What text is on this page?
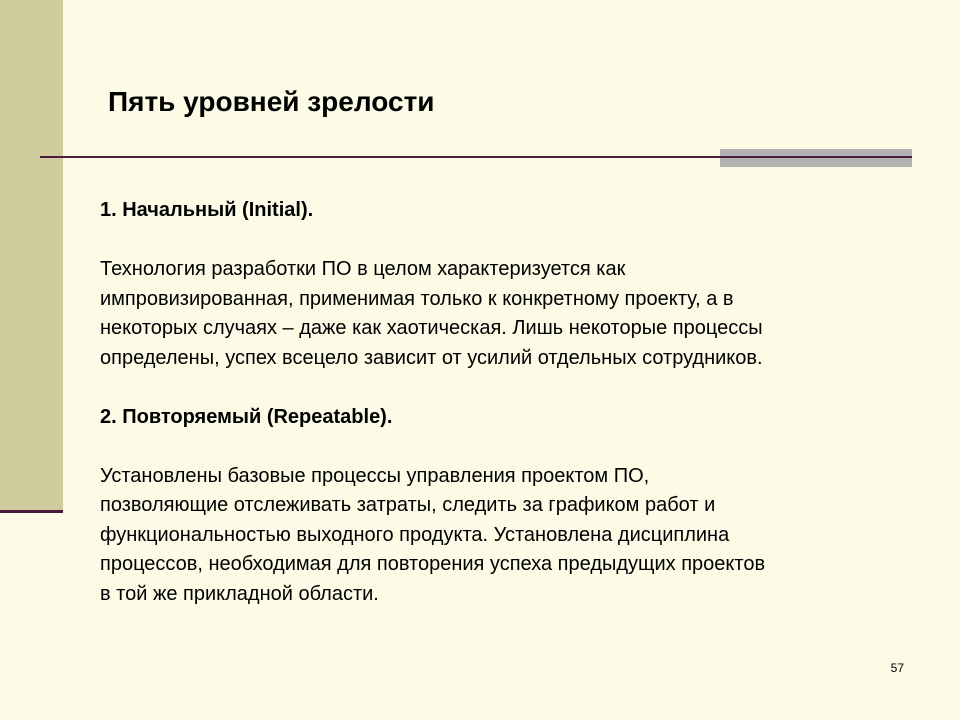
Пять уровней зрелости

1. Начальный (Initial).

Технология разработки ПО в целом характеризуется как

импровизированная, применимая только к конкретному проекту, а в

некоторых случаях – даже как хаотическая. Лишь некоторые процессы

определены, успех всецело зависит от усилий отдельных сотрудников.

2. Повторяемый (Repeatable).

Установлены базовые процессы управления проектом ПО,

позволяющие отслеживать затраты, следить за графиком работ и

функциональностью выходного продукта. Установлена дисциплина

процессов, необходимая для повторения успеха предыдущих проектов

в той же прикладной области.

57
